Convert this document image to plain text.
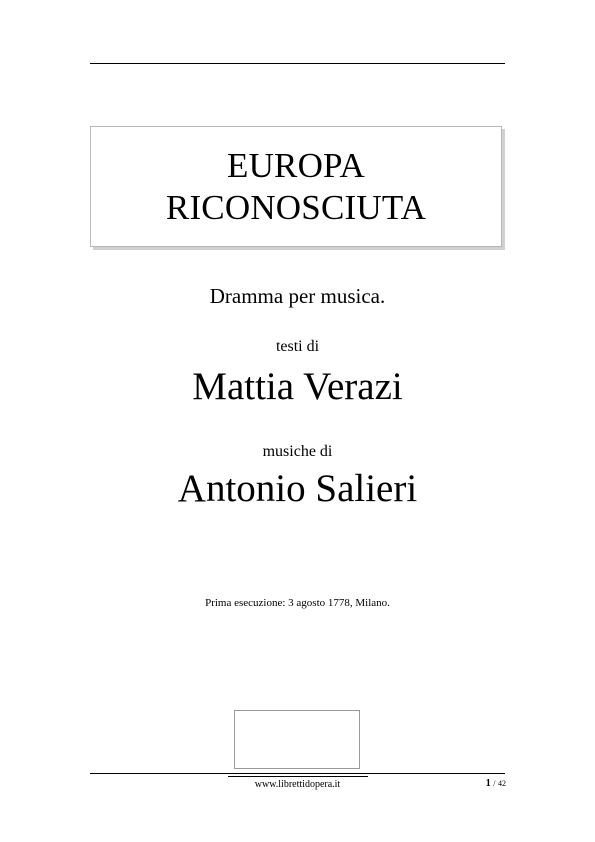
EUROPA
RICONOSCIUTA
Dramma per musica.
testi di
Mattia Verazi
musiche di
Antonio Salieri
Prima esecuzione: 3 agosto 1778, Milano.
www.librettidopera.it	1 / 42
